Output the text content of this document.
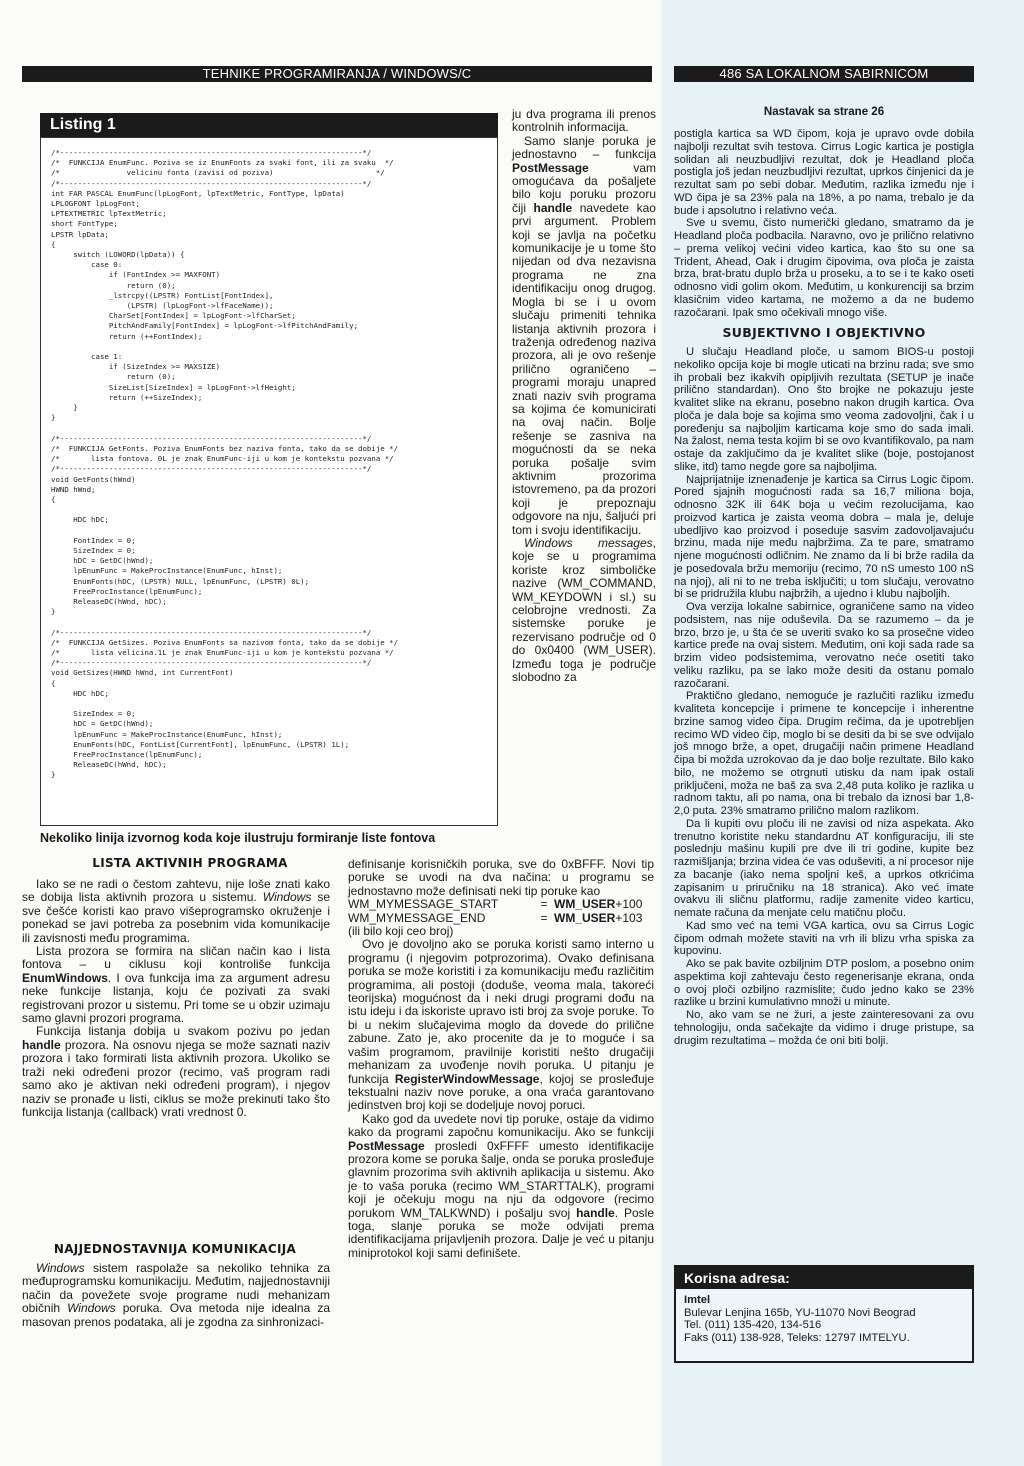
TEHNIKE PROGRAMIRANJA / WINDOWS/C	486 SA LOKALNOM SABIRNICOM
Listing 1
/*--------------------------------------------------------------------*/
/*  FUNKCIJA EnumFunc. Poziva se iz EnumFonts za svaki font, ili za svaku  */
/*               velicinu fonta (zavisi od poziva)                       */
/*--------------------------------------------------------------------*/
int FAR PASCAL EnumFunc(lpLogFont, lpTextMetric, FontType, lpData)
LPLOGFONT lpLogFont;
LPTEXTMETRIC lpTextMetric;
short FontType;
LPSTR lpData;
{
switch (LOWORD(lpData)) {
case 0:
if (FontIndex >= MAXFONT)
return (0);
_lstrcpy((LPSTR) FontList[FontIndex],
(LPSTR) (lpLogFont->lfFaceName));
CharSet[FontIndex] = lpLogFont->lfCharSet;
PitchAndFamily[FontIndex] = lpLogFont->lfPitchAndFamily;
return (++FontIndex);

case 1:
if (SizeIndex >= MAXSIZE)
return (0);
SizeList[SizeIndex] = lpLogFont->lfHeight;
return (++SizeIndex);
}
}

/*--------------------------------------------------------------------*/
/*  FUNKCIJA GetFonts. Poziva EnumFonts bez naziva fonta, tako da se dobije */
/*       lista fontova. 0L je znak EnumFunc-iji u kom je kontekstu pozvana */
/*--------------------------------------------------------------------*/
void GetFonts(hWnd)
HWND hWnd;
{

HDC hDC;

FontIndex = 0;
SizeIndex = 0;
hDC = GetDC(hWnd);
lpEnumFunc = MakeProcInstance(EnumFunc, hInst);
EnumFonts(hDC, (LPSTR) NULL, lpEnumFunc, (LPSTR) 0L);
FreeProcInstance(lpEnumFunc);
ReleaseDC(hWnd, hDC);
}

/*--------------------------------------------------------------------*/
/*  FUNKCIJA GetSizes. Poziva EnumFonts sa nazivom fonta, tako da se dobije */
/*       lista velicina.1L je znak EnumFunc-iji u kom je kontekstu pozvana */
/*--------------------------------------------------------------------*/
void GetSizes(HWND hWnd, int CurrentFont)
{
HDC hDC;

SizeIndex = 0;
hDC = GetDC(hWnd);
lpEnumFunc = MakeProcInstance(EnumFunc, hInst);
EnumFonts(hDC, FontList[CurrentFont], lpEnumFunc, (LPSTR) 1L);
FreeProcInstance(lpEnumFunc);
ReleaseDC(hWnd, hDC);
}
Nekoliko linija izvornog koda koje ilustruju formiranje liste fontova

ju dva programa ili prenos kontrolnih informacija.

Samo slanje poruka je jednostavno – funkcija PostMessage vam omogućava da pošaljete bilo koju poruku prozoru čiji handle navedete kao prvi argument. Problem koji se javlja na početku komunikacije je u tome što nijedan od dva nezavisna programa ne zna identifikaciju onog drugog. Mogla bi se i u ovom slučaju primeniti tehnika listanja aktivnih prozora i traženja određenog naziva prozora, ali je ovo rešenje prilično ograničeno – programi moraju unapred znati naziv svih programa sa kojima će komunicirati na ovaj način. Bolje rešenje se zasniva na mogućnosti da se neka poruka pošalje svim aktivnim prozorima istovremeno, pa da prozori koji je prepoznaju odgovore na nju, šaljući pri tom i svoju identifikaciju.

Windows messages, koje se u programima koriste kroz simboličke nazive (WM_COMMAND, WM_KEYDOWN i sl.) su celobrojne vrednosti. Za sistemske poruke je rezervisano područje od 0 do 0x0400 (WM_USER). Između toga je područje slobodno za

LISTA AKTIVNIH PROGRAMA

Iako se ne radi o čestom zahtevu, nije loše znati kako se dobija lista aktivnih prozora u sistemu. Windows se sve češće koristi kao pravo višeprogramsko okruženje i ponekad se javi potreba za posebnim vida komunikacije ili zavisnosti među programima.

Lista prozora se formira na sličan način kao i lista fontova – u ciklusu koji kontroliše funkcija EnumWindows. I ova funkcija ima za argument adresu neke funkcije listanja, koju će pozivati za svaki registrovani prozor u sistemu. Pri tome se u obzir uzimaju samo glavni prozori programa.

Funkcija listanja dobija u svakom pozivu po jedan handle prozora. Na osnovu njega se može saznati naziv prozora i tako formirati lista aktivnih prozora. Ukoliko se traži neki određeni prozor (recimo, vaš program radi samo ako je aktivan neki određeni program), i njegov naziv se pronađe u listi, ciklus se može prekinuti tako što funkcija listanja (callback) vrati vrednost 0.

NAJJEDNOSTAVNIJA KOMUNIKACIJA

Windows sistem raspolaže sa nekoliko tehnika za međuprogramsku komunikaciju. Međutim, najjednostavniji način da povežete svoje programe nudi mehanizam običnih Windows poruka. Ova metoda nije idealna za masovan prenos podataka, ali je zgodna za sinhronizaci-

definisanje korisničkih poruka, sve do 0xBFFF. Novi tip poruke se uvodi na dva načina: u programu se jednostavno može definisati neki tip poruke kao

WM_MYMESSAGE_START	= WM_USER+100
WM_MYMESSAGE_END	= WM_USER+103

(ili bilo koji ceo broj)

Ovo je dovoljno ako se poruka koristi samo interno u programu (i njegovim potprozorima). Ovako definisana poruka se može koristiti i za komunikaciju među različitim programima, ali postoji (doduše, veoma mala, takoreći teorijska) mogućnost da i neki drugi programi dođu na istu ideju i da iskoriste upravo isti broj za svoje poruke. To bi u nekim slučajevima moglo da dovede do prilične zabune. Zato je, ako procenite da je to moguće i sa vašim programom, pravilnije koristiti nešto drugačiji mehanizam za uvođenje novih poruka. U pitanju je funkcija RegisterWindowMessage, kojoj se prosleđuje tekstualni naziv nove poruke, a ona vraća garantovano jedinstven broj koji se dodeljuje novoj poruci.

Kako god da uvedete novi tip poruke, ostaje da vidimo kako da programi započnu komunikaciju. Ako se funkciji PostMessage prosledi 0xFFFF umesto identifikacije prozora kome se poruka šalje, onda se poruka prosleđuje glavnim prozorima svih aktivnih aplikacija u sistemu. Ako je to vaša poruka (recimo WM_STARTTALK), programi koji je očekuju mogu na nju da odgovore (recimo porukom WM_TALKWND) i pošalju svoj handle. Posle toga, slanje poruka se može odvijati prema identifikacijama prijavljenih prozora. Dalje je već u pitanju miniprotokol koji sami definišete.

Nastavak sa strane 26

postigla kartica sa WD čipom, koja je upravo ovde dobila najbolji rezultat svih testova. Cirrus Logic kartica je postigla solidan ali neuzbudljivi rezultat, dok je Headland ploča postigla još jedan neuzbudljivi rezultat, uprkos činjenici da je rezultat sam po sebi dobar. Međutim, razlika između nje i WD čipa je sa 23% pala na 18%, a po nama, trebalo je da bude i apsolutno i relativno veća.

Sve u svemu, čisto numerički gledano, smatramo da je Headland ploča podbacila. Naravno, ovo je prilično relativno – prema velikoj većini video kartica, kao što su one sa Trident, Ahead, Oak i drugim čipovima, ova ploča je zaista brza, brat-bratu duplo brža u proseku, a to se i te kako oseti odnosno vidi golim okom. Međutim, u konkurenciji sa brzim klasičnim video kartama, ne možemo a da ne budemo razočarani. Ipak smo očekivali mnogo više.

SUBJEKTIVNO I OBJEKTIVNO

U slučaju Headland ploče, u samom BIOS-u postoji nekoliko opcija koje bi mogle uticati na brzinu rada; sve smo ih probali bez ikakvih opipljivih rezultata (SETUP je inače prilično standardan). Ono što brojke ne pokazuju jeste kvalitet slike na ekranu, posebno nakon drugih kartica. Ova ploča je dala boje sa kojima smo veoma zadovoljni, čak i u poređenju sa najboljim karticama koje smo do sada imali. Na žalost, nema testa kojim bi se ovo kvantifikovalo, pa nam ostaje da zaključimo da je kvalitet slike (boje, postojanost slike, itd) tamo negde gore sa najboljima.

Najprijatnije iznenađenje je kartica sa Cirrus Logic čipom. Pored sjajnih mogućnosti rada sa 16,7 miliona boja, odnosno 32K ili 64K boja u većim rezolucijama, kao proizvod kartica je zaista veoma dobra – mala je, deluje ubedljivo kao proizvod i poseduje sasvim zadovoljavajuću brzinu, mada nije među najbržima. Za te pare, smatramo njene mogućnosti odličnim. Ne znamo da li bi brže radila da je posedovala bržu memoriju (recimo, 70 nS umesto 100 nS na njoj), ali ni to ne treba isključiti; u tom slučaju, verovatno bi se pridružila klubu najbržih, a ujedno i klubu najboljih.

Ova verzija lokalne sabirnice, ograničene samo na video podsistem, nas nije oduševila. Da se razumemo – da je brzo, brzo je, u šta će se uveriti svako ko sa prosečne video kartice pređe na ovaj sistem. Međutim, oni koji sada rade sa brzim video podsistemima, verovatno neće osetiti tako veliku razliku, pa se lako može desiti da ostanu pomalo razočarani.

Praktično gledano, nemoguće je razlučiti razliku između kvaliteta koncepcije i primene te koncepcije i inherentne brzine samog video čipa. Drugim rečima, da je upotrebljen recimo WD video čip, moglo bi se desiti da bi se sve odvijalo još mnogo brže, a opet, drugačiji način primene Headland čipa bi možda uzrokovao da je dao bolje rezultate. Bilo kako bilo, ne možemo se otrgnuti utisku da nam ipak ostali priključeni, moža ne baš za sva 2,48 puta koliko je razlika u radnom taktu, ali po nama, ona bi trebalo da iznosi bar 1,8-2,0 puta. 23% smatramo prilično malom razlikom.

Da li kupiti ovu ploču ili ne zavisi od niza aspekata. Ako trenutno koristite neku standardnu AT konfiguraciju, ili ste poslednju mašinu kupili pre dve ili tri godine, kupite bez razmišljanja; brzina videa će vas oduševiti, a ni procesor nije za bacanje (iako nema spoljni keš, a uprkos otkrićima zapisanim u priručniku na 18 stranica). Ako već imate ovakvu ili sličnu platformu, radije zamenite video karticu, nemate računa da menjate celu matičnu ploču.

Kad smo već na temi VGA kartica, ovu sa Cirrus Logic čipom odmah možete staviti na vrh ili blizu vrha spiska za kupovinu.

Ako se pak bavite ozbiljnim DTP poslom, a posebno onim aspektima koji zahtevaju često regenerisanje ekrana, onda o ovoj ploči ozbiljno razmislite; čudo jedno kako se 23% razlike u brzini kumulativno množi u minute.

No, ako vam se ne žuri, a jeste zainteresovani za ovu tehnologiju, onda sačekajte da vidimo i druge pristupe, sa drugim rezultatima – možda će oni biti bolji.

Korisna adresa:
Imtel
Bulevar Lenjina 165b, YU-11070 Novi Beograd
Tel. (011) 135-420, 134-516
Faks (011) 138-928, Teleks: 12797 IMTELYU.
